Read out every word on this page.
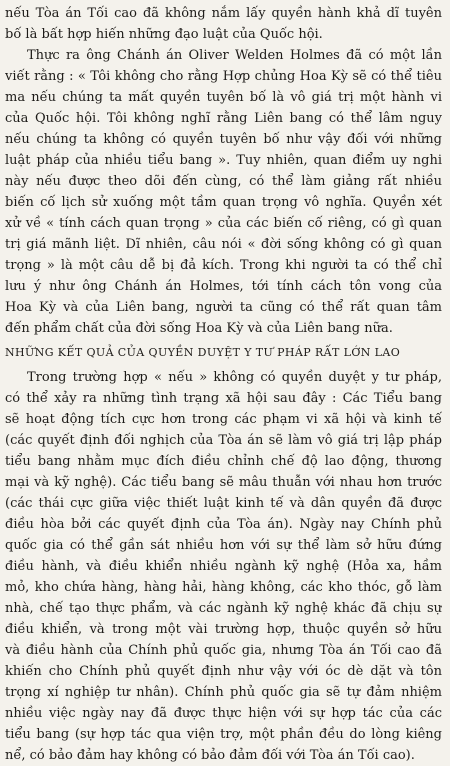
nếu Tòa án Tối cao đã không nắm lấy quyền hành khả dĩ tuyên
bố là bất hợp hiến những đạo luật của Quốc hội.

Thực ra ông Chánh án Oliver Welden Holmes đã có một lần
viết rằng : « Tôi không cho rằng Hợp chủng Hoa Kỳ sẽ có thể tiêu
ma nếu chúng ta mất quyền tuyên bố là vô giá trị một hành vi
của Quốc hội. Tôi không nghĩ rằng Liên bang có thể lâm nguy
nếu chúng ta không có quyền tuyên bố như vậy đối với những
luật pháp của nhiều tiểu bang ». Tuy nhiên, quan điểm uy nghi
này nếu được theo dõi đến cùng, có thể làm giảng rất nhiều
biến cố lịch sử xuống một tầm quan trọng vô nghĩa. Quyền xét
xử về « tính cách quan trọng » của các biến cố riêng, có gì quan
trị giá mãnh liệt. Dĩ nhiên, câu nói « đời sống không có gì quan
trọng » là một câu dễ bị đả kích. Trong khi người ta có thể chỉ
lưu ý như ông Chánh án Holmes, tới tính cách tôn vong của
Hoa Kỳ và của Liên bang, người ta cũng có thể rất quan tâm
đến phẩm chất của đời sống Hoa Kỳ và của Liên bang nữa.

NHỮNG KẾT QUẢ CỦA QUYỀN DUYỆT Y TƯ PHÁP RẤT LỚN LAO

Trong trường hợp « nếu » không có quyền duyệt y tư pháp,
có thể xảy ra những tình trạng xã hội sau đây : Các Tiểu bang
sẽ hoạt động tích cực hơn trong các phạm vi xã hội và kinh tế
(các quyết định đối nghịch của Tòa án sẽ làm vô giá trị lập pháp
tiểu bang nhằm mục đích điều chỉnh chế độ lao động, thương
mại và kỹ nghệ). Các tiểu bang sẽ mâu thuẫn với nhau hơn trước
(các thái cực giữa việc thiết luật kinh tế và dân quyền đã được
điều hòa bởi các quyết định của Tòa án). Ngày nay Chính phủ
quốc gia có thể gần sát nhiều hơn với sự thể làm sở hữu đứng
điều hành, và điều khiển nhiều ngành kỹ nghệ (Hỏa xa, hầm
mỏ, kho chứa hàng, hàng hải, hàng không, các kho thóc, gỗ làm
nhà, chế tạo thực phẩm, và các ngành kỹ nghệ khác đã chịu sự
điều khiển, và trong một vài trường hợp, thuộc quyền sở hữu
và điều hành của Chính phủ quốc gia, nhưng Tòa án Tối cao đã
khiến cho Chính phủ quyết định như vậy với óc dè dặt và tôn
trọng xí nghiệp tư nhân). Chính phủ quốc gia sẽ tự đảm nhiệm
nhiều việc ngày nay đã được thực hiện với sự hợp tác của các
tiểu bang (sự hợp tác qua viện trợ, một phần đều do lòng kiêng
nể, có bảo đảm hay không có bảo đảm đối với Tòa án Tối cao).
